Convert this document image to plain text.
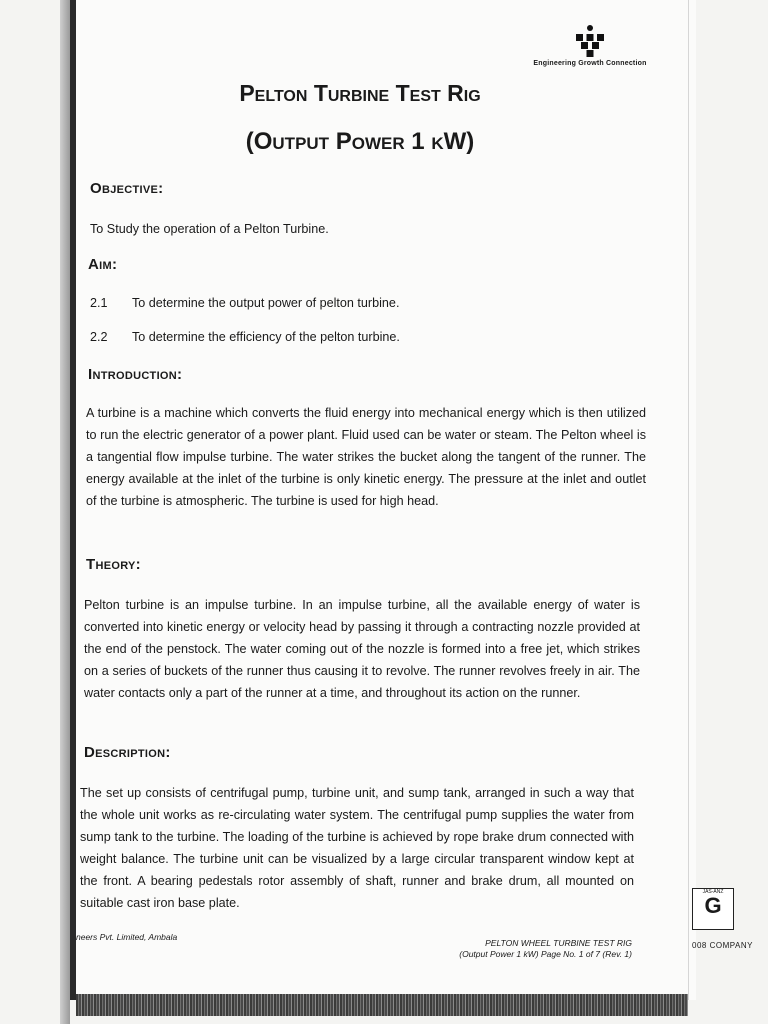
Engineering Growth Connection
Pelton Turbine Test Rig
(Output Power 1 kW)
Objective:

To Study the operation of a Pelton Turbine.

Aim:
2.1 To determine the output power of pelton turbine.
2.2 To determine the efficiency of the pelton turbine.
Introduction:

A turbine is a machine which converts the fluid energy into mechanical energy which is then utilized to run the electric generator of a power plant. Fluid used can be water or steam. The Pelton wheel is a tangential flow impulse turbine. The water strikes the bucket along the tangent of the runner. The energy available at the inlet of the turbine is only kinetic energy. The pressure at the inlet and outlet of the turbine is atmospheric. The turbine is used for high head.

Theory:

Pelton turbine is an impulse turbine. In an impulse turbine, all the available energy of water is converted into kinetic energy or velocity head by passing it through a contracting nozzle provided at the end of the penstock. The water coming out of the nozzle is formed into a free jet, which strikes on a series of buckets of the runner thus causing it to revolve. The runner revolves freely in air. The water contacts only a part of the runner at a time, and throughout its action on the runner.

Description:

The set up consists of centrifugal pump, turbine unit, and sump tank, arranged in such a way that the whole unit works as re-circulating water system. The centrifugal pump supplies the water from sump tank to the turbine. The loading of the turbine is achieved by rope brake drum connected with weight balance. The turbine unit can be visualized by a large circular transparent window kept at the front. A bearing pedestals rotor assembly of shaft, runner and brake drum, all mounted on suitable cast iron base plate.

neers Pvt. Limited, Ambala
PELTON WHEEL TURBINE TEST RIG
(Output Power 1 kW) Page No. 1 of 7 (Rev. 1)
JAS-ANZ
G
008 COMPANY
